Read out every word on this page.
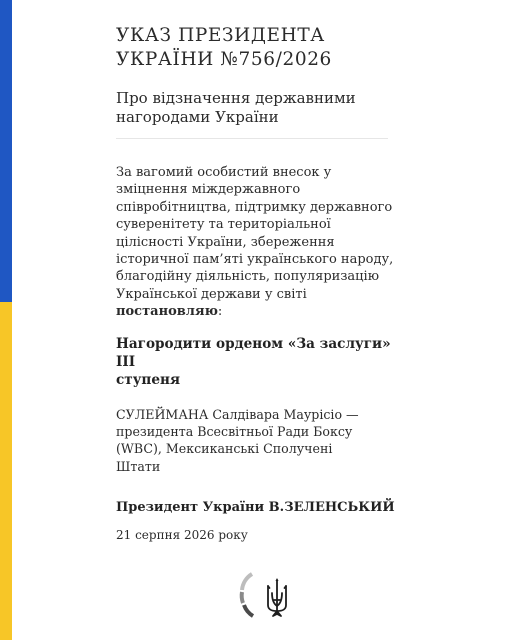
УКАЗ ПРЕЗИДЕНТА
УКРАЇНИ №756/2026
Про відзначення державними
нагородами України
За вагомий особистий внесок у
зміцнення міждержавного
співробітництва, підтримку державного
суверенітету та територіальної
цілісності України, збереження
історичної пам’яті українського народу,
благодійну діяльність, популяризацію
Української держави у світі
постановляю:
Нагородити орденом «За заслуги» III
ступеня
СУЛЕЙМАНА Салдівара Маурісіо —
президента Всесвітньої Ради Боксу
(WBC), Мексиканські Сполучені Штати
Президент України В.ЗЕЛЕНСЬКИЙ
21 серпня 2026 року
